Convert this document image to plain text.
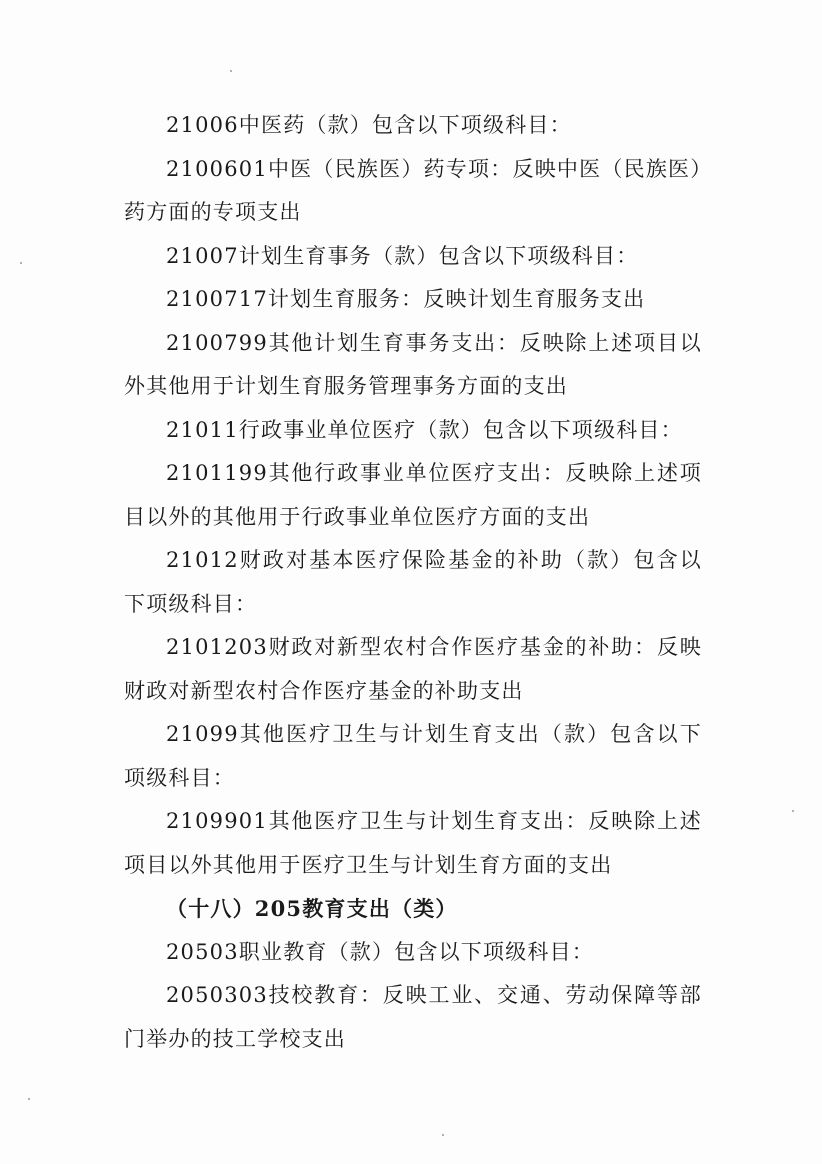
21006中医药（款）包含以下项级科目：

2100601中医（民族医）药专项：反映中医（民族医）药方面的专项支出

21007计划生育事务（款）包含以下项级科目：

2100717计划生育服务：反映计划生育服务支出

2100799其他计划生育事务支出：反映除上述项目以外其他用于计划生育服务管理事务方面的支出

21011行政事业单位医疗（款）包含以下项级科目：

2101199其他行政事业单位医疗支出：反映除上述项目以外的其他用于行政事业单位医疗方面的支出

21012财政对基本医疗保险基金的补助（款）包含以下项级科目：

2101203财政对新型农村合作医疗基金的补助：反映财政对新型农村合作医疗基金的补助支出

21099其他医疗卫生与计划生育支出（款）包含以下项级科目：

2109901其他医疗卫生与计划生育支出：反映除上述项目以外其他用于医疗卫生与计划生育方面的支出

（十八）205教育支出（类）

20503职业教育（款）包含以下项级科目：

2050303技校教育：反映工业、交通、劳动保障等部门举办的技工学校支出
